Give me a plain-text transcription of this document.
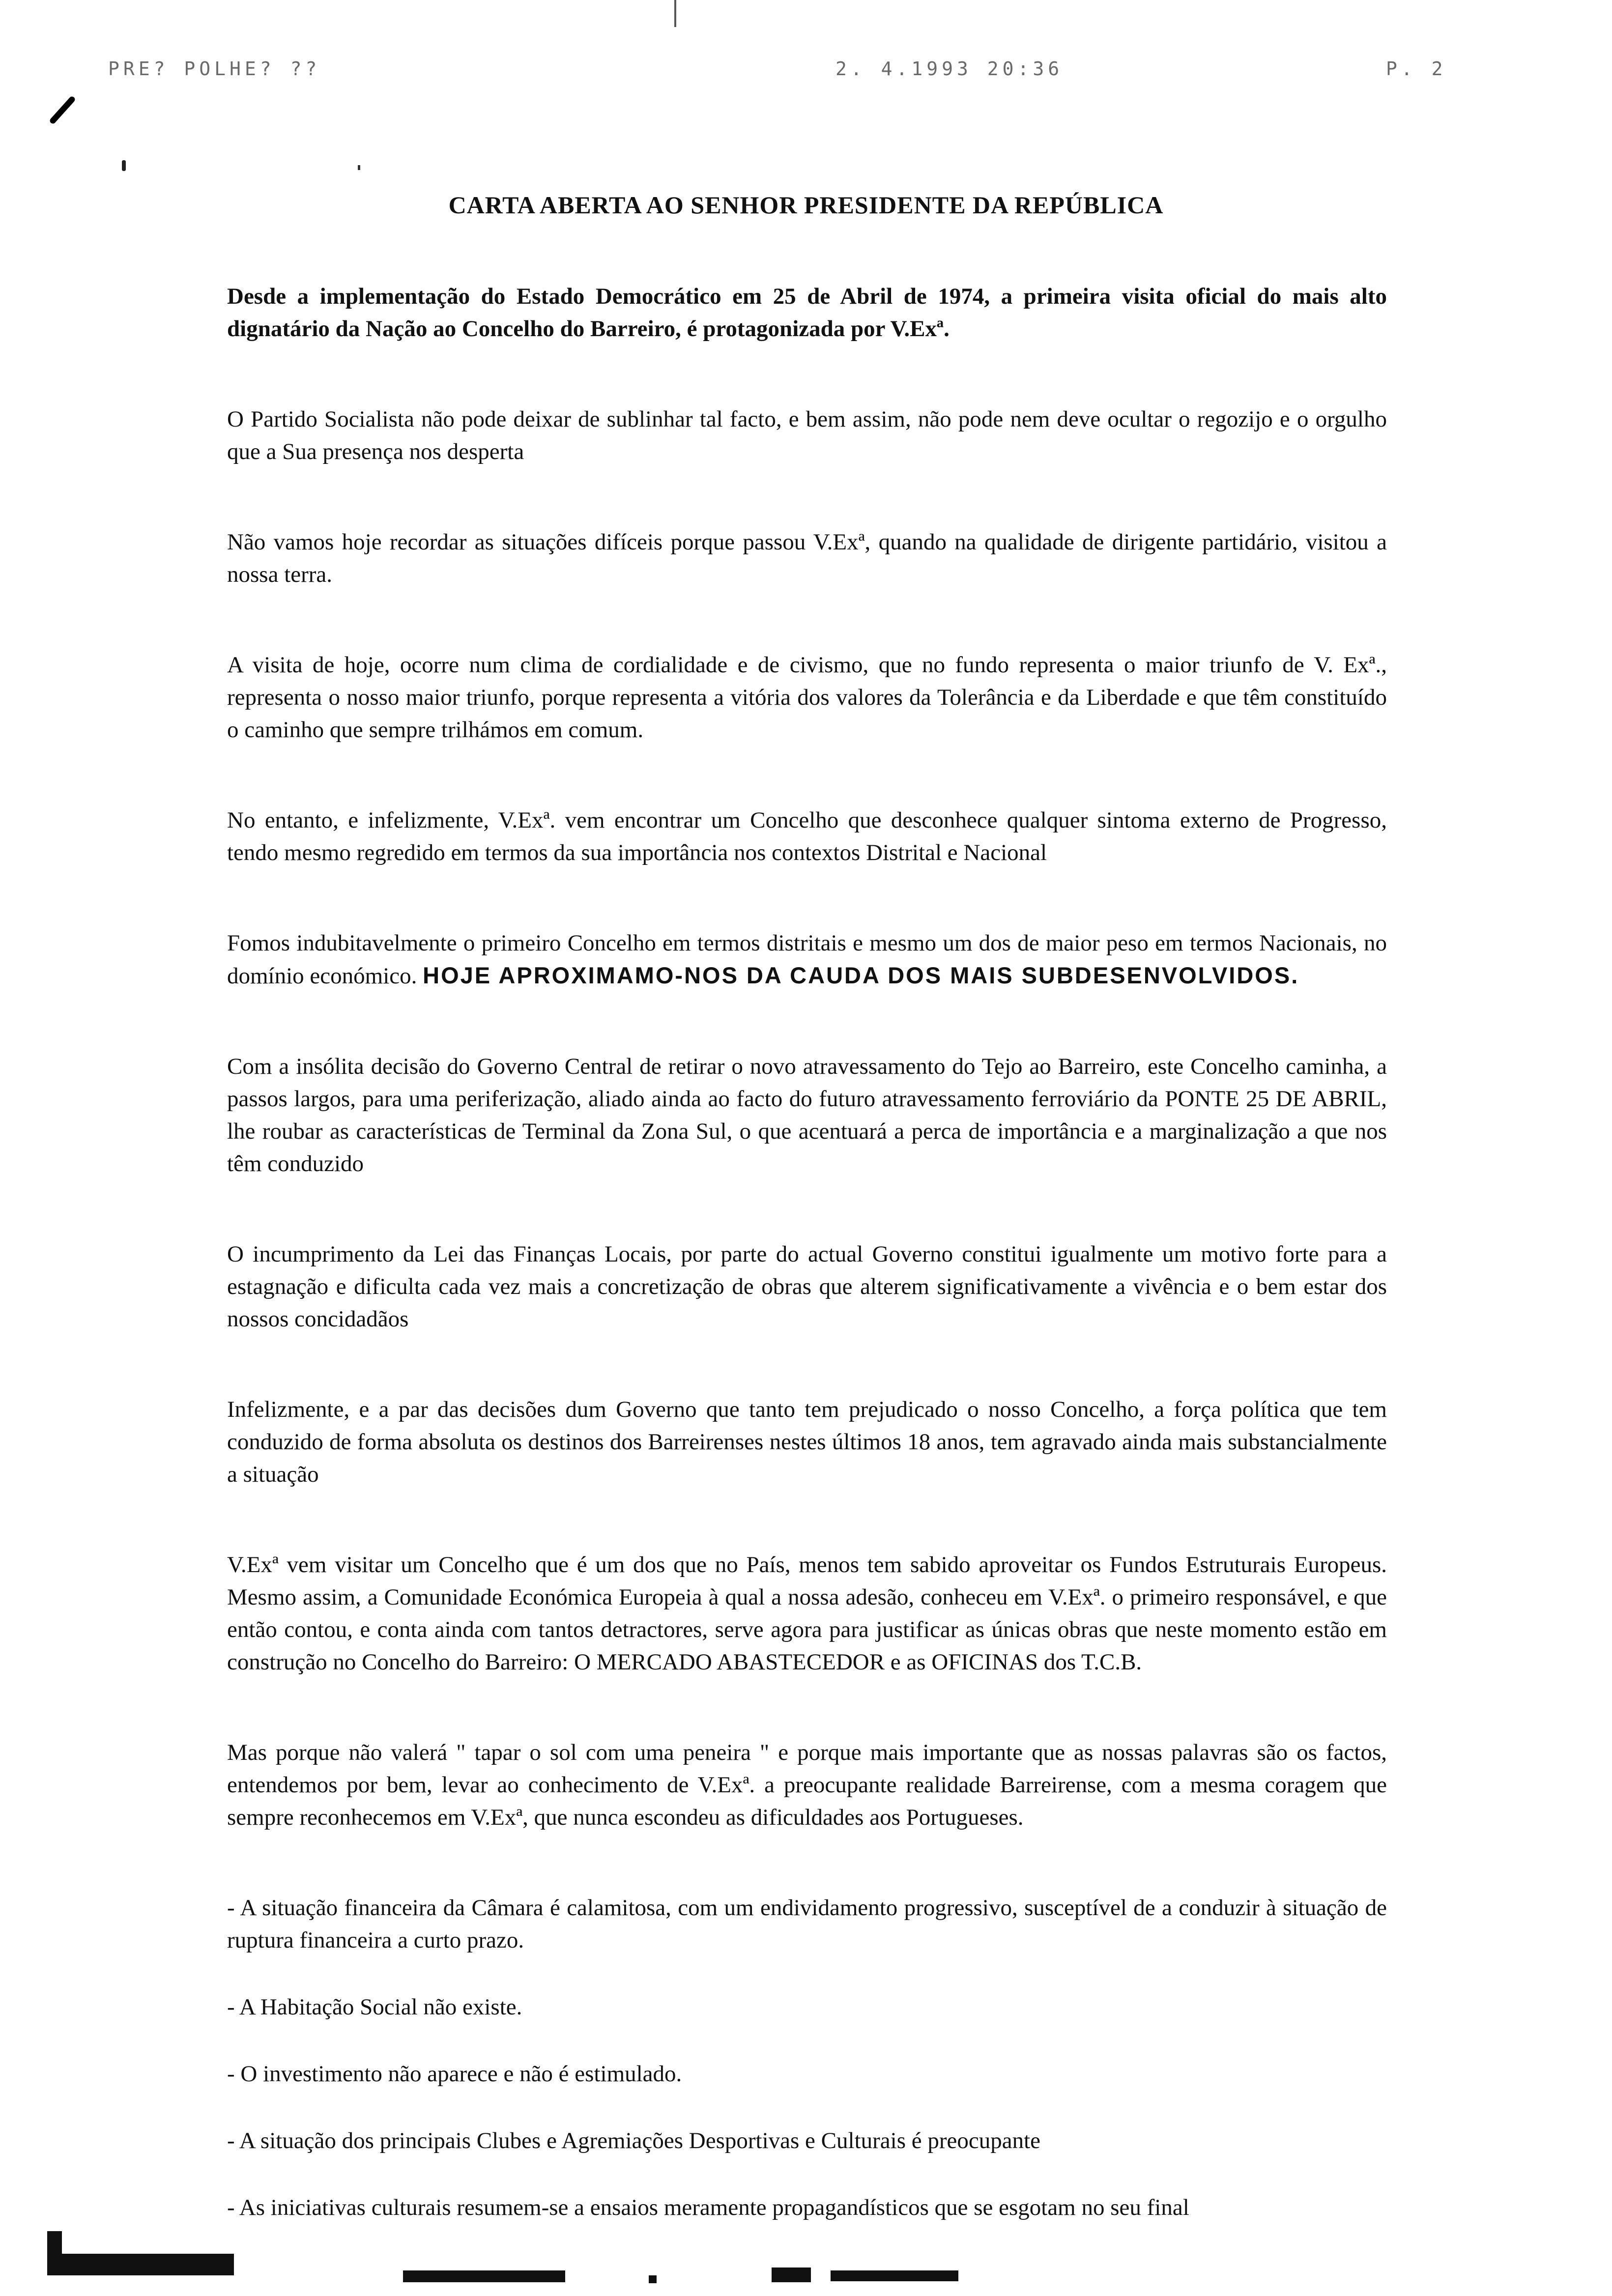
PRE? POLHE? ??	2. 4.1993 20:36	P. 2
CARTA ABERTA AO SENHOR PRESIDENTE DA REPÚBLICA

Desde a implementação do Estado Democrático em 25 de Abril de 1974, a primeira visita oficial do mais alto dignatário da Nação ao Concelho do Barreiro, é protagonizada por V.Exª.

O Partido Socialista não pode deixar de sublinhar tal facto, e bem assim, não pode nem deve ocultar o regozijo e o orgulho que a Sua presença nos desperta

Não vamos hoje recordar as situações difíceis porque passou V.Exª, quando na qualidade de dirigente partidário, visitou a nossa terra.

A visita de hoje, ocorre num clima de cordialidade e de civismo, que no fundo representa o maior triunfo de V. Exª., representa o nosso maior triunfo, porque representa a vitória dos valores da Tolerância e da Liberdade e que têm constituído o caminho que sempre trilhámos em comum.

No entanto, e infelizmente, V.Exª. vem encontrar um Concelho que desconhece qualquer sintoma externo de Progresso, tendo mesmo regredido em termos da sua importância nos contextos Distrital e Nacional

Fomos indubitavelmente o primeiro Concelho em termos distritais e mesmo um dos de maior peso em termos Nacionais, no domínio económico. HOJE APROXIMAMO-NOS DA CAUDA DOS MAIS SUBDESENVOLVIDOS.

Com a insólita decisão do Governo Central de retirar o novo atravessamento do Tejo ao Barreiro, este Concelho caminha, a passos largos, para uma periferização, aliado ainda ao facto do futuro atravessamento ferroviário da PONTE 25 DE ABRIL, lhe roubar as características de Terminal da Zona Sul, o que acentuará a perca de importância e a marginalização a que nos têm conduzido

O incumprimento da Lei das Finanças Locais, por parte do actual Governo constitui igualmente um motivo forte para a estagnação e dificulta cada vez mais a concretização de obras que alterem significativamente a vivência e o bem estar dos nossos concidadãos

Infelizmente, e a par das decisões dum Governo que tanto tem prejudicado o nosso Concelho, a força política que tem conduzido de forma absoluta os destinos dos Barreirenses nestes últimos 18 anos, tem agravado ainda mais substancialmente a situação

V.Exª vem visitar um Concelho que é um dos que no País, menos tem sabido aproveitar os Fundos Estruturais Europeus. Mesmo assim, a Comunidade Económica Europeia à qual a nossa adesão, conheceu em V.Exª. o primeiro responsável, e que então contou, e conta ainda com tantos detractores, serve agora para justificar as únicas obras que neste momento estão em construção no Concelho do Barreiro: O MERCADO ABASTECEDOR e as OFICINAS dos T.C.B.

Mas porque não valerá " tapar o sol com uma peneira " e porque mais importante que as nossas palavras são os factos, entendemos por bem, levar ao conhecimento de V.Exª. a preocupante realidade Barreirense, com a mesma coragem que sempre reconhecemos em V.Exª, que nunca escondeu as dificuldades aos Portugueses.

- A situação financeira da Câmara é calamitosa, com um endividamento progressivo, susceptível de a conduzir à situação de ruptura financeira a curto prazo.

- A Habitação Social não existe.

- O investimento não aparece e não é estimulado.

- A situação dos principais Clubes e Agremiações Desportivas e Culturais é preocupante

- As iniciativas culturais resumem-se a ensaios meramente propagandísticos que se esgotam no seu final
